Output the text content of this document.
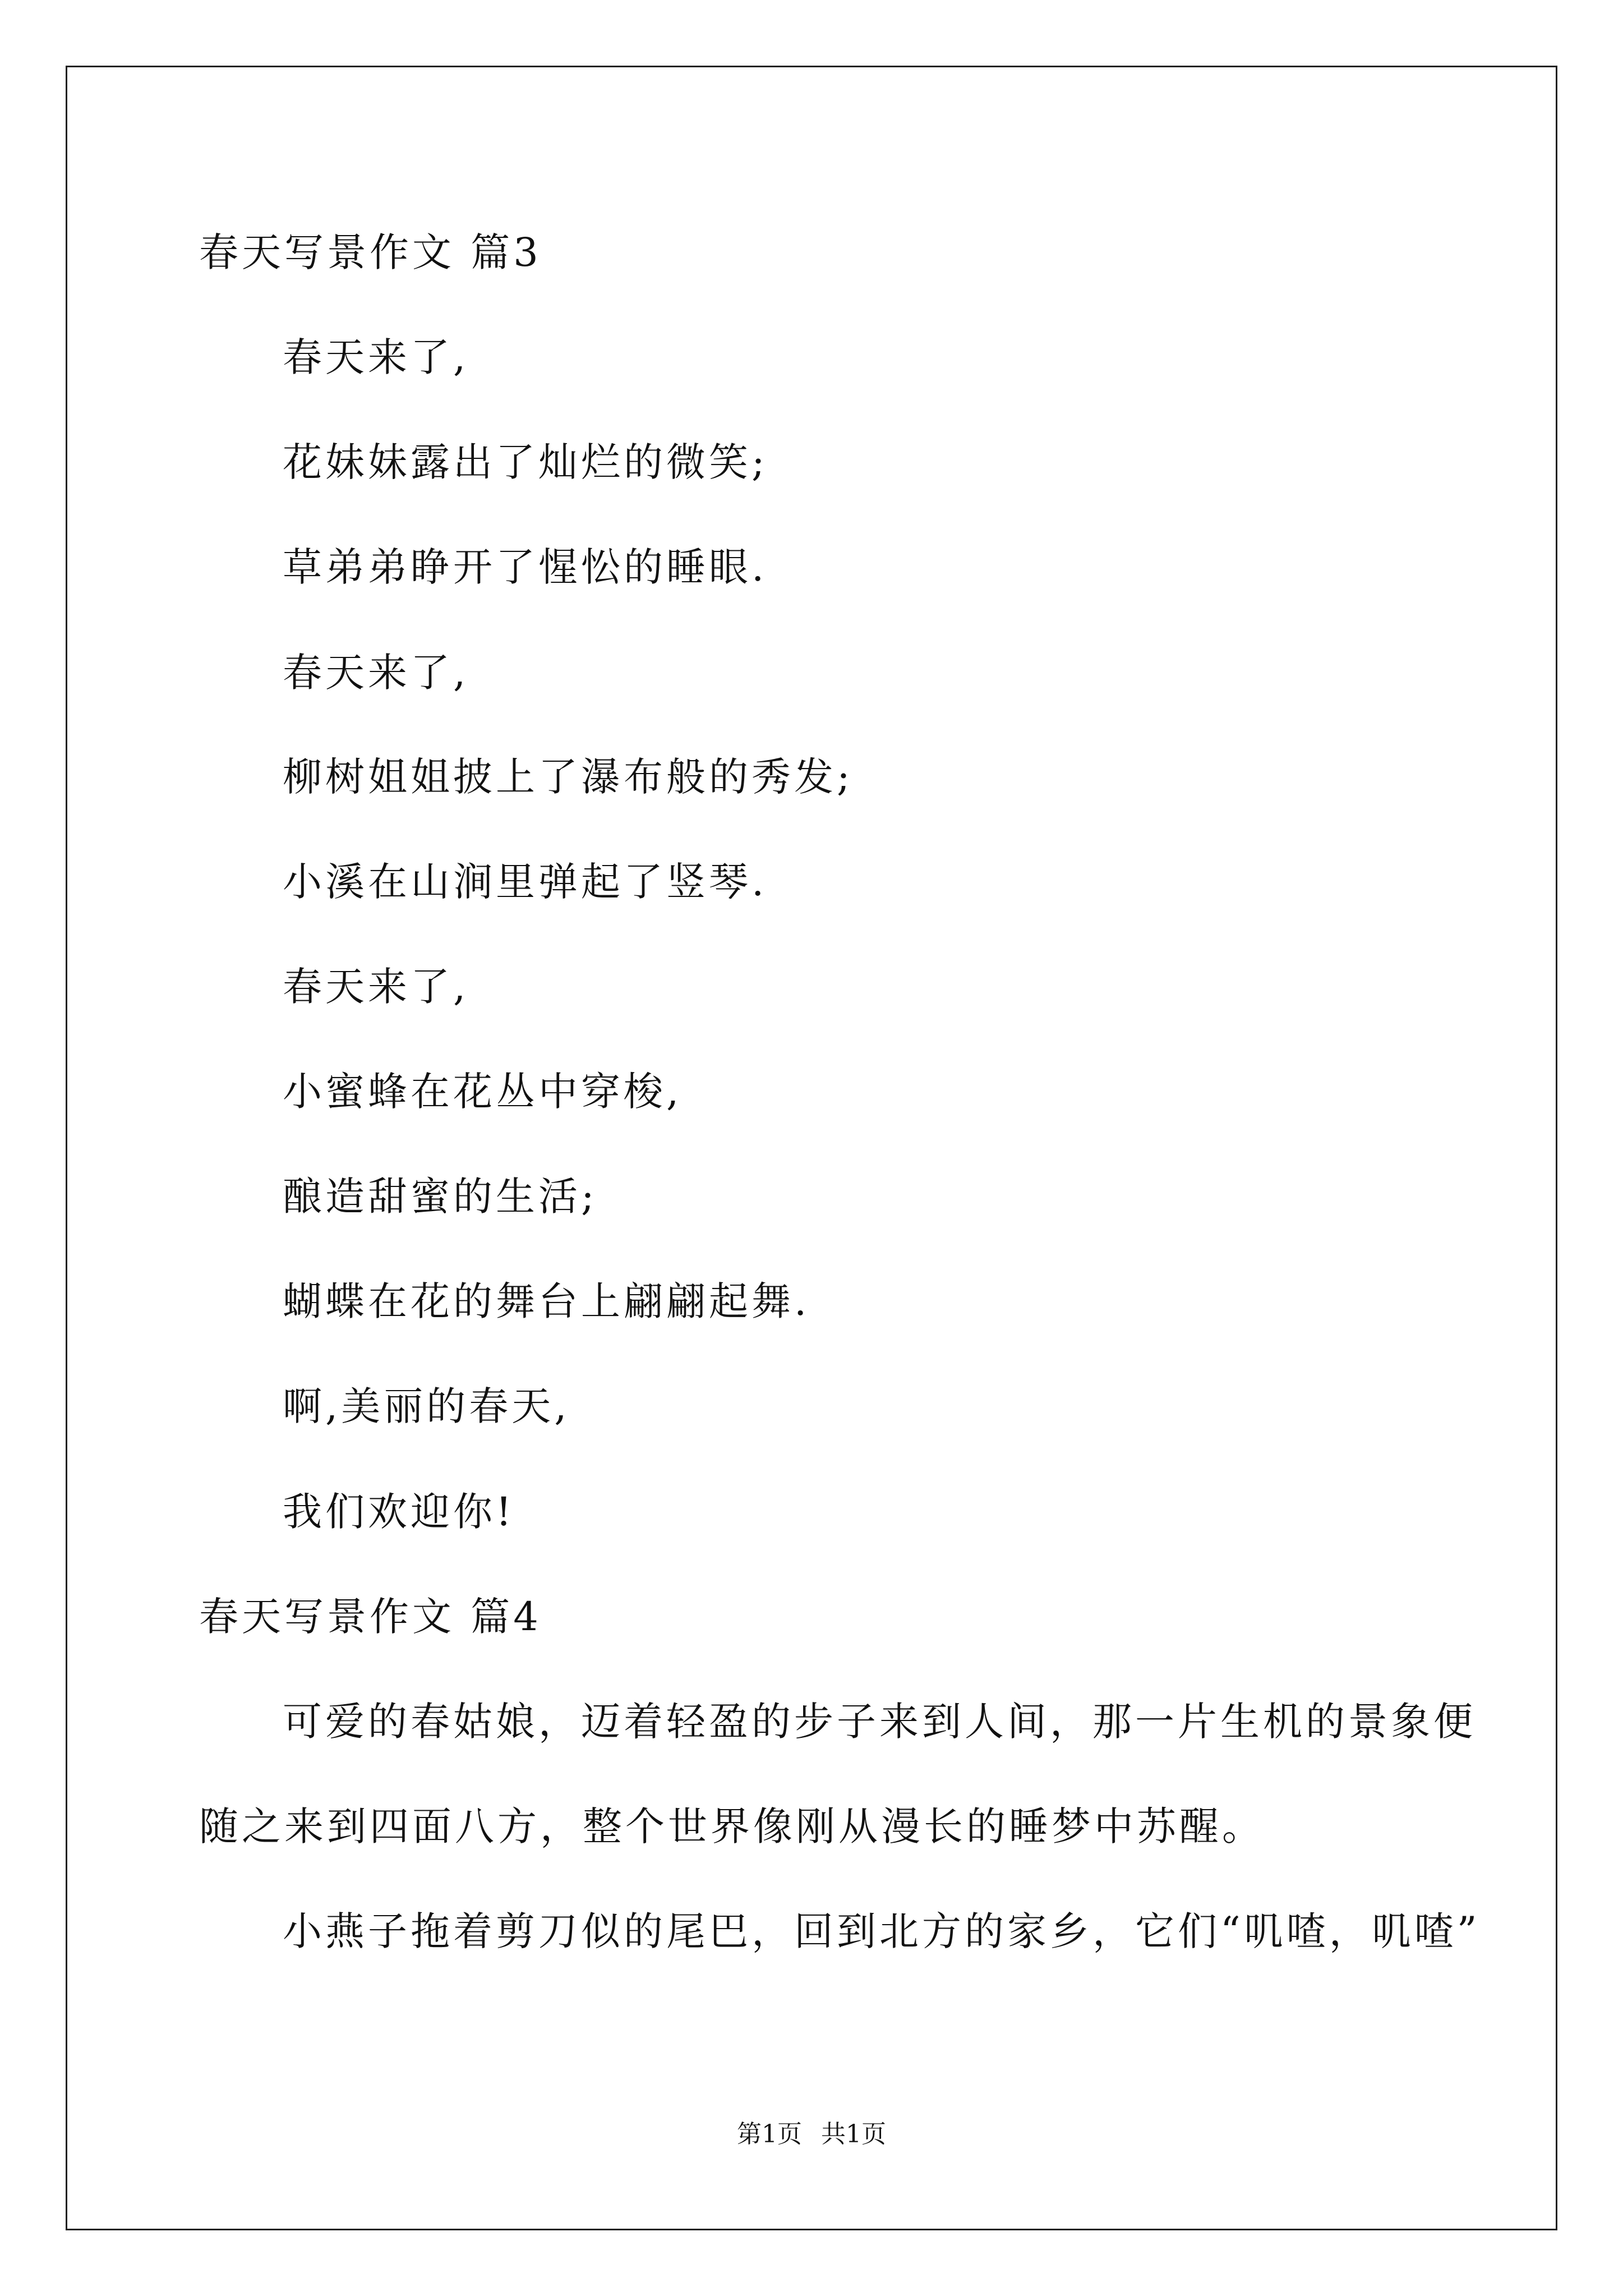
春天写景作文 篇3
春天来了,
花妹妹露出了灿烂的微笑;
草弟弟睁开了惺忪的睡眼.
春天来了,
柳树姐姐披上了瀑布般的秀发;
小溪在山涧里弹起了竖琴.
春天来了,
小蜜蜂在花丛中穿梭,
酿造甜蜜的生活;
蝴蝶在花的舞台上翩翩起舞.
啊,美丽的春天,
我们欢迎你!
春天写景作文 篇4
可爱的春姑娘，迈着轻盈的步子来到人间，那一片生机的景象便
随之来到四面八方，整个世界像刚从漫长的睡梦中苏醒。
小燕子拖着剪刀似的尾巴，回到北方的家乡，它们“叽喳，叽喳”
第1页 共1页
